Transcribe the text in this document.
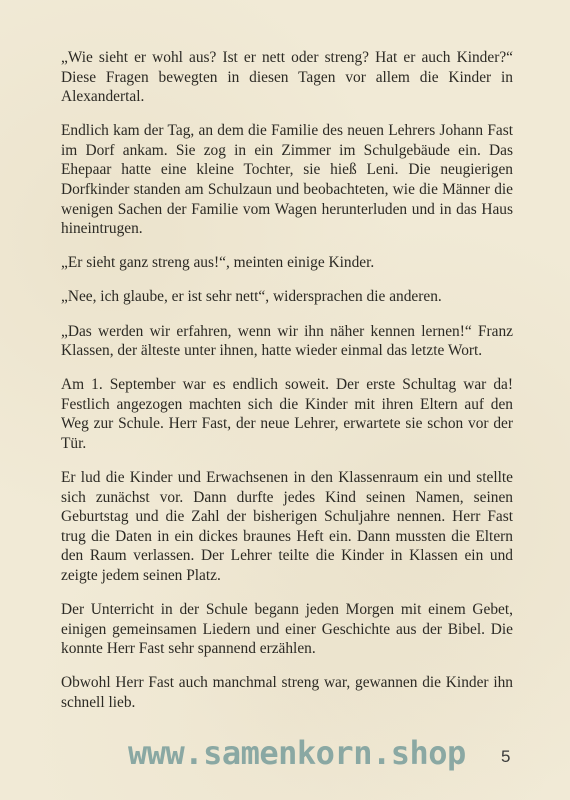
„Wie sieht er wohl aus? Ist er nett oder streng? Hat er auch Kinder?“ Diese Fragen bewegten in diesen Tagen vor allem die Kinder in Alexandertal.

Endlich kam der Tag, an dem die Familie des neuen Lehrers Johann Fast im Dorf ankam. Sie zog in ein Zimmer im Schulgebäude ein. Das Ehepaar hatte eine kleine Tochter, sie hieß Leni. Die neugierigen Dorfkinder standen am Schulzaun und beobachteten, wie die Männer die wenigen Sachen der Familie vom Wagen herunterluden und in das Haus hineintrugen.

„Er sieht ganz streng aus!“, meinten einige Kinder.

„Nee, ich glaube, er ist sehr nett“, widersprachen die anderen.

„Das werden wir erfahren, wenn wir ihn näher kennen lernen!“ Franz Klassen, der älteste unter ihnen, hatte wieder einmal das letzte Wort.

Am 1. September war es endlich soweit. Der erste Schultag war da! Festlich angezogen machten sich die Kinder mit ihren Eltern auf den Weg zur Schule. Herr Fast, der neue Lehrer, erwartete sie schon vor der Tür.

Er lud die Kinder und Erwachsenen in den Klassenraum ein und stellte sich zunächst vor. Dann durfte jedes Kind seinen Namen, seinen Geburtstag und die Zahl der bisherigen Schuljahre nennen. Herr Fast trug die Daten in ein dickes braunes Heft ein. Dann mussten die Eltern den Raum verlassen. Der Lehrer teilte die Kinder in Klassen ein und zeigte jedem seinen Platz.

Der Unterricht in der Schule begann jeden Morgen mit einem Gebet, einigen gemeinsamen Liedern und einer Geschichte aus der Bibel. Die konnte Herr Fast sehr spannend erzählen.

Obwohl Herr Fast auch manchmal streng war, gewannen die Kinder ihn schnell lieb.

www.samenkorn.shop 5
